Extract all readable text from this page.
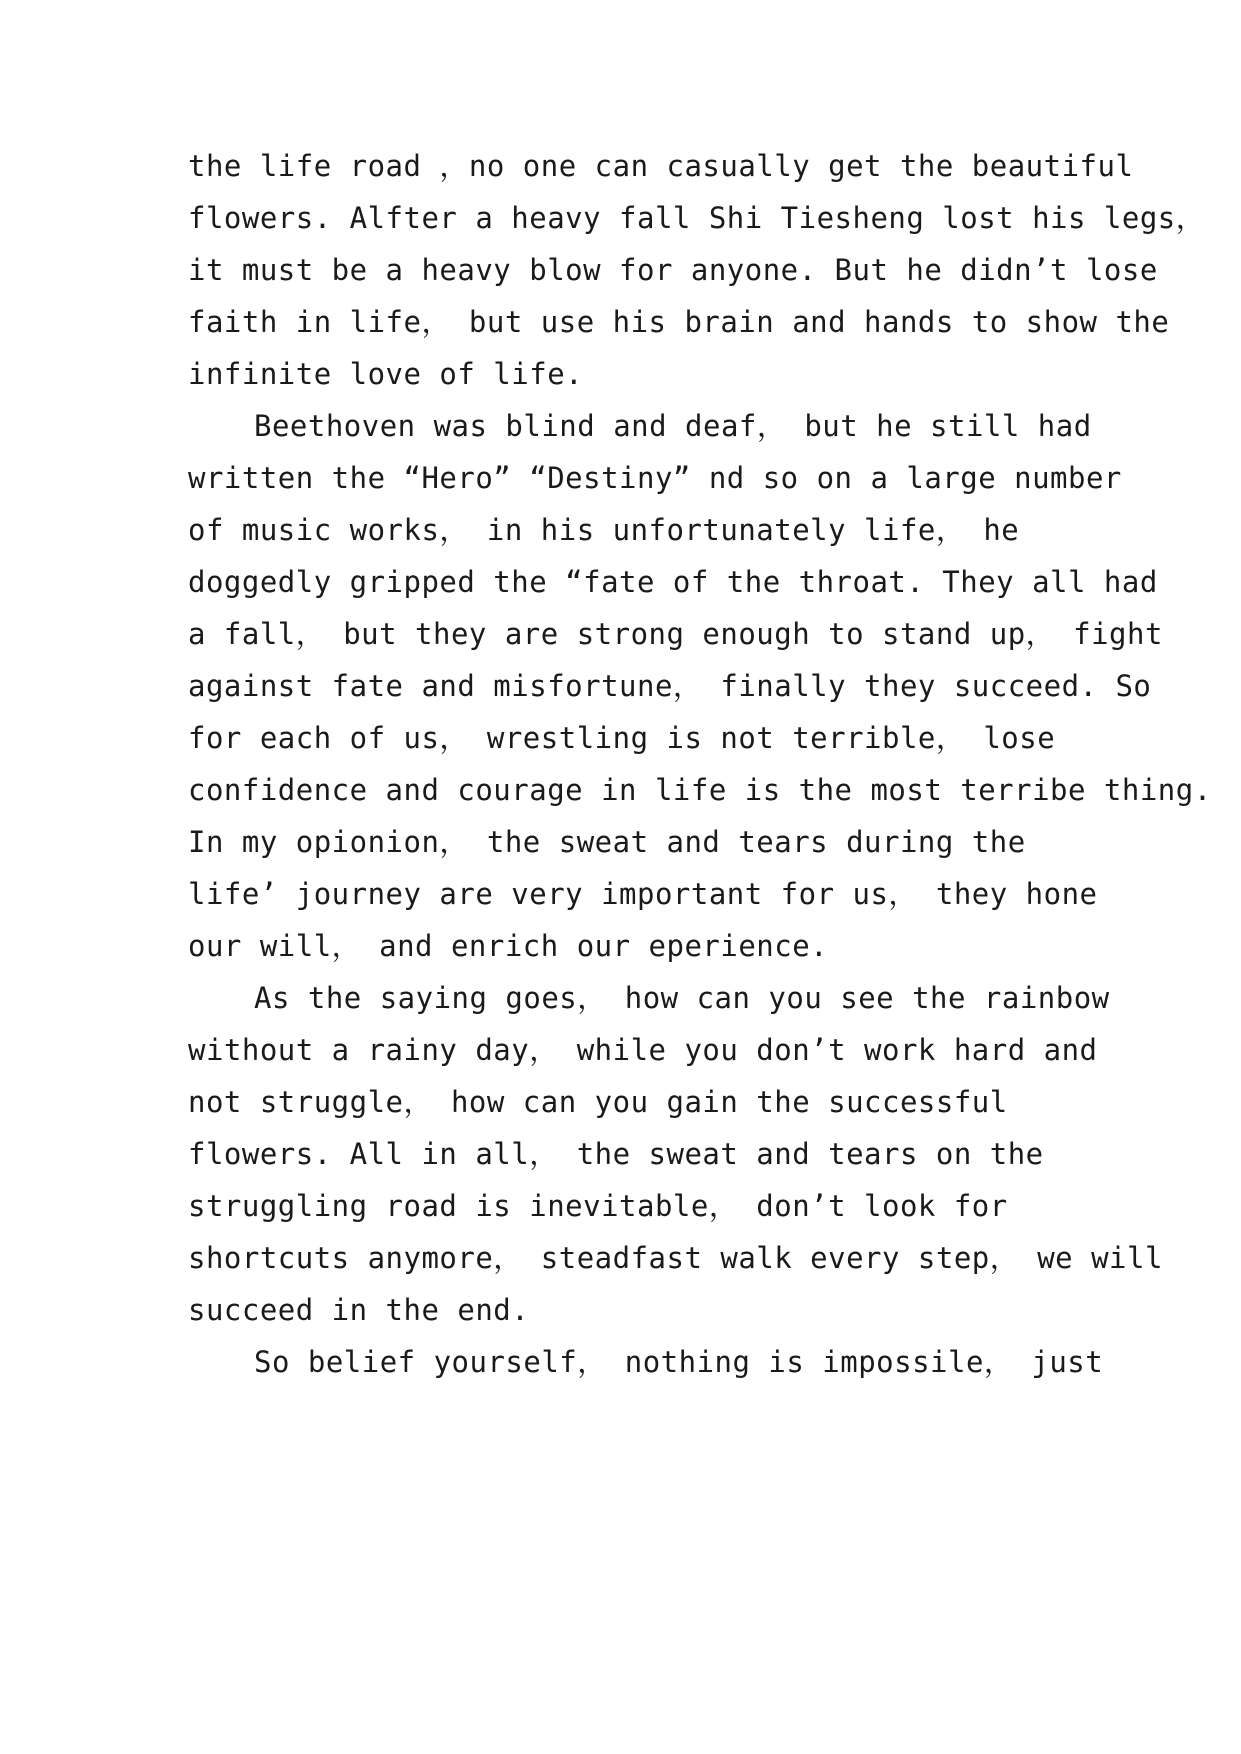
the life road ，no one can casually get the beautiful
flowers. Alfter a heavy fall Shi Tiesheng lost his legs，
it must be a heavy blow for anyone. But he didn’t lose
faith in life， but use his brain and hands to show the
infinite love of life.
Beethoven was blind and deaf， but he still had
written the “Hero” “Destiny” nd so on a large number
of music works， in his unfortunately life， he
doggedly gripped the “fate of the throat. They all had
a fall， but they are strong enough to stand up， fight
against fate and misfortune， finally they succeed. So
for each of us， wrestling is not terrible， lose
confidence and courage in life is the most terribe thing.
In my opionion， the sweat and tears during the
life’ journey are very important for us， they hone
our will， and enrich our eperience.
As the saying goes， how can you see the rainbow
without a rainy day， while you don’t work hard and
not struggle， how can you gain the successful
flowers. All in all， the sweat and tears on the
struggling road is inevitable， don’t look for
shortcuts anymore， steadfast walk every step， we will
succeed in the end.
So belief yourself， nothing is impossile， just
